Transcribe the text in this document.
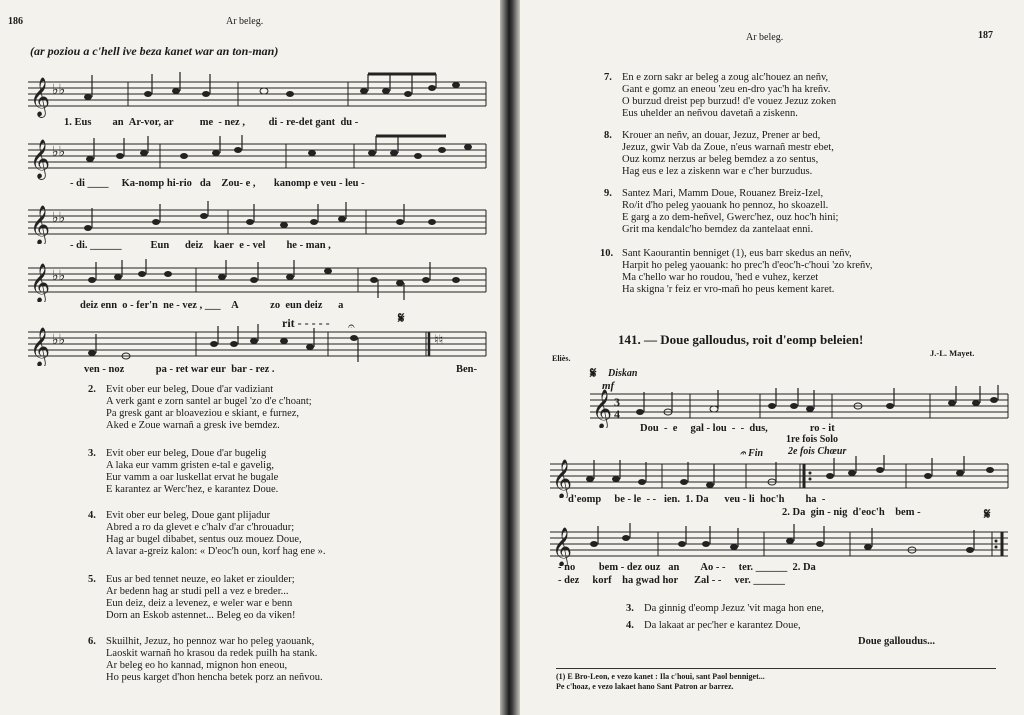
186	Ar beleg.
(ar poziou a c'hell ive beza kanet war an ton-man)
𝄞 ♭♭
1. Eus an Ar-vor, ar	me - nez , di - re-det gant du -
𝄞 ♭♭
- di ____     Ka-nomp hi-rio da Zou- e , kanomp e veu - leu -
𝄞 ♭♭
- di. ______           Eun deiz kaer e - vel he - man ,
𝄞 ♭♭
deiz enn o - fer'n ne - vez , ___    A	zo eun deiz a
rit - - - - -	𝄋
𝄞 ♭♭	♮♮
𝄐
ven - noz	pa - ret war eur bar - rez .	Ben-
2. Evit ober eur beleg, Doue d'ar vadiziant
A verk gant e zorn santel ar bugel 'zo d'e c'hoant;
Pa gresk gant ar bloaveziou e skiant, e furnez,
Aked e Zoue warnañ a gresk ive bemdez.
3. Evit ober eur beleg, Doue d'ar bugelig
A laka eur vamm gristen e-tal e gavelig,
Eur vamm a oar luskellat ervat he bugale
E karantez ar Werc'hez, e karantez Doue.
4. Evit ober eur beleg, Doue gant plijadur
Abred a ro da glevet e c'halv d'ar c'hrouadur;
Hag ar bugel dibabet, sentus ouz mouez Doue,
A lavar a-greiz kalon: « D'eoc'h oun, korf hag ene ».
5. Eus ar bed tennet neuze, eo laket er zioulder;
Ar bedenn hag ar studi pell a vez e breder...
Eun deiz, deiz a levenez, e weler war e benn
Dorn an Eskob astennet... Beleg eo da viken!
6. Skuilhit, Jezuz, ho pennoz war ho peleg yaouank,
Laoskit warnañ ho krasou da redek puilh ha stank.
Ar beleg eo ho kannad, mignon hon eneou,
Ho peus karget d'hon hencha betek porz an neñvou.
Ar beleg.	187
7. En e zorn sakr ar beleg a zoug alc'houez an neñv,
Gant e gomz an eneou 'zeu en-dro yac'h ha kreñv.
O burzud dreist pep burzud! d'e vouez Jezuz zoken
Eus uhelder an neñvou davetañ a ziskenn.
8. Krouer an neñv, an douar, Jezuz, Prener ar bed,
Jezuz, gwir Vab da Zoue, n'eus warnañ mestr ebet,
Ouz komz nerzus ar beleg bemdez a zo sentus,
Hag eus e lez a ziskenn war e c'her burzudus.
9. Santez Mari, Mamm Doue, Rouanez Breiz-Izel,
Ro/it d'ho peleg yaouank ho pennoz, ho skoazell.
E garg a zo dem-heñvel, Gwerc'hez, ouz hoc'h hini;
Grit ma kendalc'ho bemdez da zantelaat enni.
10. Sant Kaourantin benniget (1), eus barr skedus an neñv,
Harpit ho peleg yaouank: ho prec'h d'eoc'h-c'houi 'zo kreñv,
Ma c'hello war ho roudou, 'hed e vuhez, kerzet
Ha skigna 'r feiz er vro-mañ ho peus kement karet.
141. — Doue galloudus, roit d'eomp beleien!
Eliès.
J.-L. Mayet.
𝄋 Diskan
mf
𝄞 3
4
Dou - e gal - lou - - dus,	ro - it
1re fois Solo
𝄐 Fin 2e fois Chœur
𝄞
d'eomp be - le - - ien. 1. Da veu - li hoc'h ha -
2. Da gin - nig d'eoc'h bem -	𝄋
𝄞
- no bem - dez ouz an Ao - - ter. ______  2. Da
- dez korf ha gwad hor Zal - - ver. ______
3. Da ginnig d'eomp Jezuz 'vit maga hon ene,
4. Da lakaat ar pec'her e karantez Doue,
Doue galloudus...
(1) E Bro-Leon, e vezo kanet : Ila c'houi, sant Paol benniget...
Pe c'hoaz, e vezo lakaet hano Sant Patron ar barrez.
